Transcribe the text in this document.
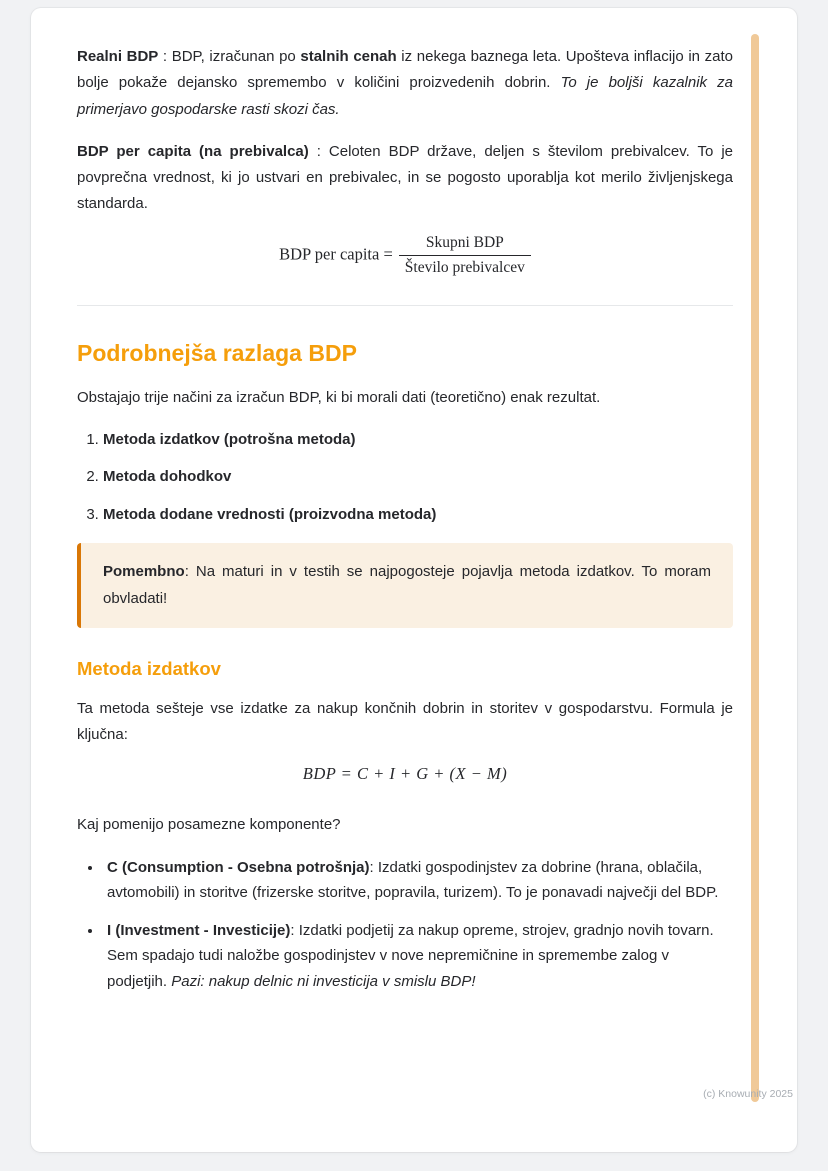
Realni BDP : BDP, izračunan po stalnih cenah iz nekega baznega leta. Upošteva inflacijo in zato bolje pokaže dejansko spremembo v količini proizvedenih dobrin. To je boljši kazalnik za primerjavo gospodarske rasti skozi čas.

BDP per capita (na prebivalca) : Celoten BDP države, deljen s številom prebivalcev. To je povprečna vrednost, ki jo ustvari en prebivalec, in se pogosto uporablja kot merilo življenjskega standarda.

BDP per capita = $\frac{\text{Skupni BDP}}{\text{Število prebivalcev}}$
Podrobnejša razlaga BDP

Obstajajo trije načini za izračun BDP, ki bi morali dati (teoretično) enak rezultat.

1. Metoda izdatkov (potrošna metoda)
2. Metoda dohodkov
3. Metoda dodane vrednosti (proizvodna metoda)
Pomembno: Na maturi in v testih se najpogosteje pojavlja metoda izdatkov. To moram obvladati!
Metoda izdatkov

Ta metoda sešteje vse izdatke za nakup končnih dobrin in storitev v gospodarstvu. Formula je ključna:

BDP = C + I + G + (X − M)

Kaj pomenijo posamezne komponente?

• C (Consumption - Osebna potrošnja): Izdatki gospodinjstev za dobrine (hrana, oblačila, avtomobili) in storitve (frizerske storitve, popravila, turizem). To je ponavadi največji del BDP.
• I (Investment - Investicije): Izdatki podjetij za nakup opreme, strojev, gradnjo novih tovarn. Sem spadajo tudi naložbe gospodinjstev v nove nepremičnine in spremembe zalog v podjetjih. Pazi: nakup delnic ni investicija v smislu BDP!
(c) Knowunity 2025
